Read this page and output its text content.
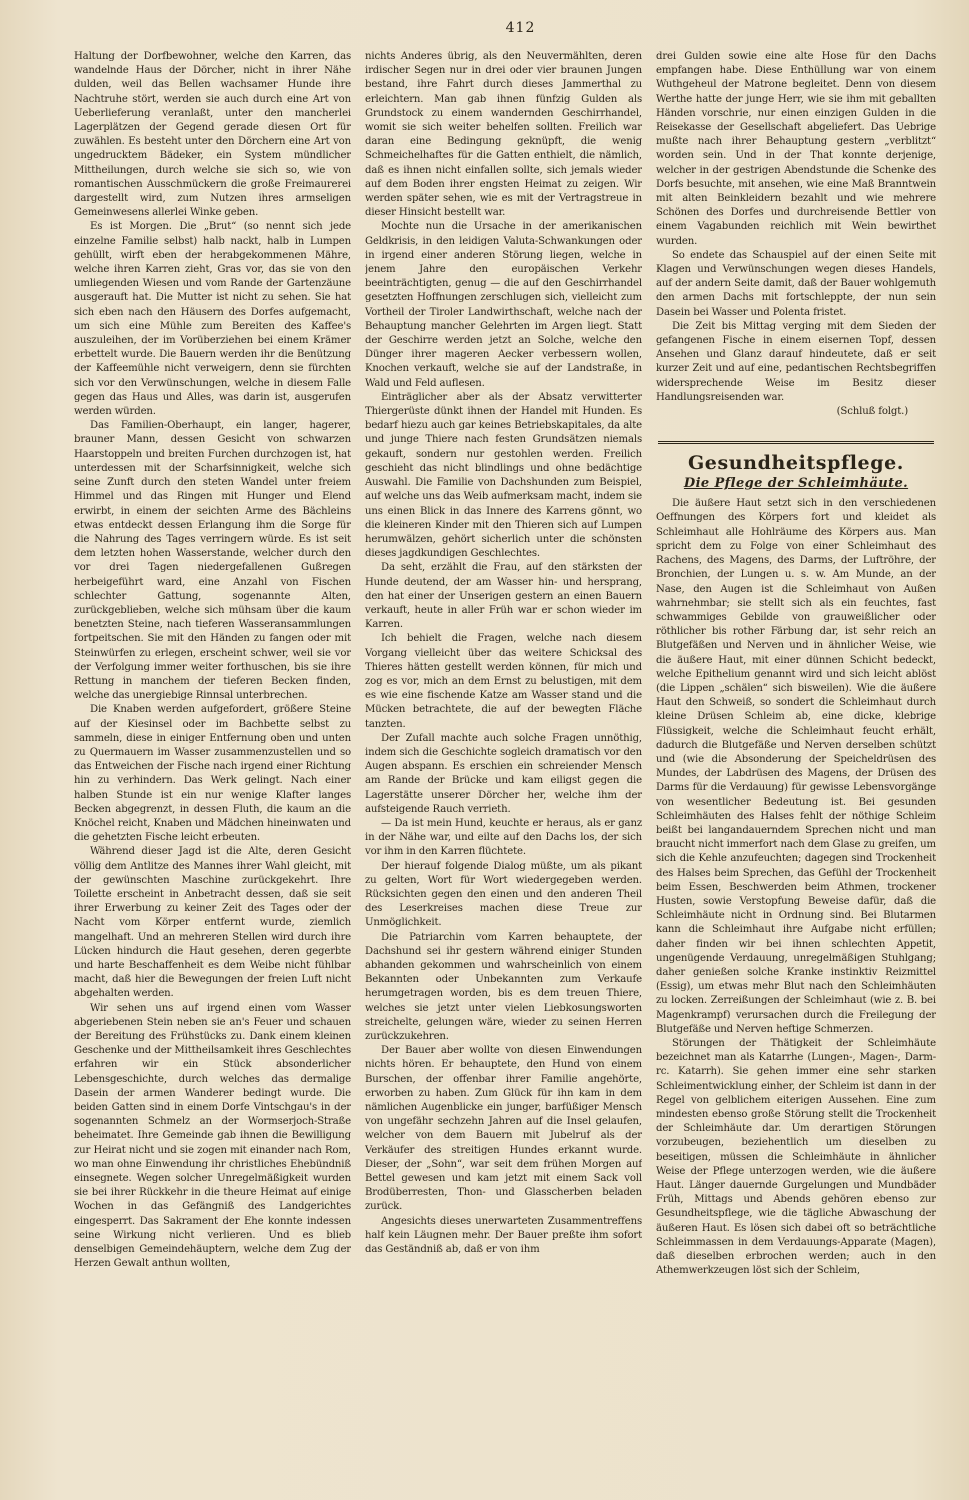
412

Haltung der Dorfbewohner, welche den Karren, das wandelnde Haus der Dörcher, nicht in ihrer Nähe dulden, weil das Bellen wachsamer Hunde ihre Nachtruhe stört, werden sie auch durch eine Art von Ueberlieferung veranlaßt, unter den mancherlei Lagerplätzen der Gegend gerade diesen Ort für zuwählen. Es besteht unter den Dörchern eine Art von ungedrucktem Bädeker, ein System mündlicher Mittheilungen, durch welche sie sich so, wie von romantischen Ausschmückern die große Freimaurerei dargestellt wird, zum Nutzen ihres armseligen Gemeinwesens allerlei Winke geben.

Es ist Morgen. Die „Brut“ (so nennt sich jede einzelne Familie selbst) halb nackt, halb in Lumpen gehüllt, wirft eben der herabgekommenen Mähre, welche ihren Karren zieht, Gras vor, das sie von den umliegenden Wiesen und vom Rande der Gartenzäune ausgerauft hat. Die Mutter ist nicht zu sehen. Sie hat sich eben nach den Häusern des Dorfes aufgemacht, um sich eine Mühle zum Bereiten des Kaffee's auszuleihen, der im Vorüberziehen bei einem Krämer erbettelt wurde. Die Bauern werden ihr die Benützung der Kaffeemühle nicht verweigern, denn sie fürchten sich vor den Verwünschungen, welche in diesem Falle gegen das Haus und Alles, was darin ist, ausgerufen werden würden.

Das Familien-Oberhaupt, ein langer, hagerer, brauner Mann, dessen Gesicht von schwarzen Haarstoppeln und breiten Furchen durchzogen ist, hat unterdessen mit der Scharfsinnigkeit, welche sich seine Zunft durch den steten Wandel unter freiem Himmel und das Ringen mit Hunger und Elend erwirbt, in einem der seichten Arme des Bächleins etwas entdeckt dessen Erlangung ihm die Sorge für die Nahrung des Tages verringern würde. Es ist seit dem letzten hohen Wasserstande, welcher durch den vor drei Tagen niedergefallenen Gußregen herbeigeführt ward, eine Anzahl von Fischen schlechter Gattung, sogenannte Alten, zurückgeblieben, welche sich mühsam über die kaum benetzten Steine, nach tieferen Wasseransammlungen fortpeitschen. Sie mit den Händen zu fangen oder mit Steinwürfen zu erlegen, erscheint schwer, weil sie vor der Verfolgung immer weiter forthuschen, bis sie ihre Rettung in manchem der tieferen Becken finden, welche das unergiebige Rinnsal unterbrechen.

Die Knaben werden aufgefordert, größere Steine auf der Kiesinsel oder im Bachbette selbst zu sammeln, diese in einiger Entfernung oben und unten zu Quermauern im Wasser zusammenzustellen und so das Entweichen der Fische nach irgend einer Richtung hin zu verhindern. Das Werk gelingt. Nach einer halben Stunde ist ein nur wenige Klafter langes Becken abgegrenzt, in dessen Fluth, die kaum an die Knöchel reicht, Knaben und Mädchen hineinwaten und die gehetzten Fische leicht erbeuten.

Während dieser Jagd ist die Alte, deren Gesicht völlig dem Antlitze des Mannes ihrer Wahl gleicht, mit der gewünschten Maschine zurückgekehrt. Ihre Toilette erscheint in Anbetracht dessen, daß sie seit ihrer Erwerbung zu keiner Zeit des Tages oder der Nacht vom Körper entfernt wurde, ziemlich mangelhaft. Und an mehreren Stellen wird durch ihre Lücken hindurch die Haut gesehen, deren gegerbte und harte Beschaffenheit es dem Weibe nicht fühlbar macht, daß hier die Bewegungen der freien Luft nicht abgehalten werden.

Wir sehen uns auf irgend einen vom Wasser abgeriebenen Stein neben sie an's Feuer und schauen der Bereitung des Frühstücks zu. Dank einem kleinen Geschenke und der Mittheilsamkeit ihres Geschlechtes erfahren wir ein Stück absonderlicher Lebensgeschichte, durch welches das dermalige Dasein der armen Wanderer bedingt wurde. Die beiden Gatten sind in einem Dorfe Vintschgau's in der sogenannten Schmelz an der Wormserjoch-Straße beheimatet. Ihre Gemeinde gab ihnen die Bewilligung zur Heirat nicht und sie zogen mit einander nach Rom, wo man ohne Einwendung ihr christliches Ehebündniß einsegnete. Wegen solcher Unregelmäßigkeit wurden sie bei ihrer Rückkehr in die theure Heimat auf einige Wochen in das Gefängniß des Landgerichtes eingesperrt. Das Sakrament der Ehe konnte indessen seine Wirkung nicht verlieren. Und es blieb denselbigen Gemeindehäuptern, welche dem Zug der Herzen Gewalt anthun wollten,

nichts Anderes übrig, als den Neuvermählten, deren irdischer Segen nur in drei oder vier braunen Jungen bestand, ihre Fahrt durch dieses Jammerthal zu erleichtern. Man gab ihnen fünfzig Gulden als Grundstock zu einem wandernden Geschirrhandel, womit sie sich weiter behelfen sollten. Freilich war daran eine Bedingung geknüpft, die wenig Schmeichelhaftes für die Gatten enthielt, die nämlich, daß es ihnen nicht einfallen sollte, sich jemals wieder auf dem Boden ihrer engsten Heimat zu zeigen. Wir werden später sehen, wie es mit der Vertragstreue in dieser Hinsicht bestellt war.

Mochte nun die Ursache in der amerikanischen Geldkrisis, in den leidigen Valuta-Schwankungen oder in irgend einer anderen Störung liegen, welche in jenem Jahre den europäischen Verkehr beeinträchtigten, genug — die auf den Geschirrhandel gesetzten Hoffnungen zerschlugen sich, vielleicht zum Vortheil der Tiroler Landwirthschaft, welche nach der Behauptung mancher Gelehrten im Argen liegt. Statt der Geschirre werden jetzt an Solche, welche den Dünger ihrer mageren Aecker verbessern wollen, Knochen verkauft, welche sie auf der Landstraße, in Wald und Feld auflesen.

Einträglicher aber als der Absatz verwitterter Thiergerüste dünkt ihnen der Handel mit Hunden. Es bedarf hiezu auch gar keines Betriebskapitales, da alte und junge Thiere nach festen Grundsätzen niemals gekauft, sondern nur gestohlen werden. Freilich geschieht das nicht blindlings und ohne bedächtige Auswahl. Die Familie von Dachshunden zum Beispiel, auf welche uns das Weib aufmerksam macht, indem sie uns einen Blick in das Innere des Karrens gönnt, wo die kleineren Kinder mit den Thieren sich auf Lumpen herumwälzen, gehört sicherlich unter die schönsten dieses jagdkundigen Geschlechtes.

Da seht, erzählt die Frau, auf den stärksten der Hunde deutend, der am Wasser hin- und hersprang, den hat einer der Unserigen gestern an einen Bauern verkauft, heute in aller Früh war er schon wieder im Karren.

Ich behielt die Fragen, welche nach diesem Vorgang vielleicht über das weitere Schicksal des Thieres hätten gestellt werden können, für mich und zog es vor, mich an dem Ernst zu belustigen, mit dem es wie eine fischende Katze am Wasser stand und die Mücken betrachtete, die auf der bewegten Fläche tanzten.

Der Zufall machte auch solche Fragen unnöthig, indem sich die Geschichte sogleich dramatisch vor den Augen abspann. Es erschien ein schreiender Mensch am Rande der Brücke und kam eiligst gegen die Lagerstätte unserer Dörcher her, welche ihm der aufsteigende Rauch verrieth.

— Da ist mein Hund, keuchte er heraus, als er ganz in der Nähe war, und eilte auf den Dachs los, der sich vor ihm in den Karren flüchtete.

Der hierauf folgende Dialog müßte, um als pikant zu gelten, Wort für Wort wiedergegeben werden. Rücksichten gegen den einen und den anderen Theil des Leserkreises machen diese Treue zur Unmöglichkeit.

Die Patriarchin vom Karren behauptete, der Dachshund sei ihr gestern während einiger Stunden abhanden gekommen und wahrscheinlich von einem Bekannten oder Unbekannten zum Verkaufe herumgetragen worden, bis es dem treuen Thiere, welches sie jetzt unter vielen Liebkosungsworten streichelte, gelungen wäre, wieder zu seinen Herren zurückzukehren.

Der Bauer aber wollte von diesen Einwendungen nichts hören. Er behauptete, den Hund von einem Burschen, der offenbar ihrer Familie angehörte, erworben zu haben. Zum Glück für ihn kam in dem nämlichen Augenblicke ein junger, barfüßiger Mensch von ungefähr sechzehn Jahren auf die Insel gelaufen, welcher von dem Bauern mit Jubelruf als der Verkäufer des streitigen Hundes erkannt wurde. Dieser, der „Sohn“, war seit dem frühen Morgen auf Bettel gewesen und kam jetzt mit einem Sack voll Brodüberresten, Thon- und Glasscherben beladen zurück.

Angesichts dieses unerwarteten Zusammentreffens half kein Läugnen mehr. Der Bauer preßte ihm sofort das Geständniß ab, daß er von ihm

drei Gulden sowie eine alte Hose für den Dachs empfangen habe. Diese Enthüllung war von einem Wuthgeheul der Matrone begleitet. Denn von diesem Werthe hatte der junge Herr, wie sie ihm mit geballten Händen vorschrie, nur einen einzigen Gulden in die Reisekasse der Gesellschaft abgeliefert. Das Uebrige mußte nach ihrer Behauptung gestern „verblitzt“ worden sein. Und in der That konnte derjenige, welcher in der gestrigen Abendstunde die Schenke des Dorfs besuchte, mit ansehen, wie eine Maß Branntwein mit alten Beinkleidern bezahlt und wie mehrere Schönen des Dorfes und durchreisende Bettler von einem Vagabunden reichlich mit Wein bewirthet wurden.

So endete das Schauspiel auf der einen Seite mit Klagen und Verwünschungen wegen dieses Handels, auf der andern Seite damit, daß der Bauer wohlgemuth den armen Dachs mit fortschleppte, der nun sein Dasein bei Wasser und Polenta fristet.

Die Zeit bis Mittag verging mit dem Sieden der gefangenen Fische in einem eisernen Topf, dessen Ansehen und Glanz darauf hindeutete, daß er seit kurzer Zeit und auf eine, pedantischen Rechtsbegriffen widersprechende Weise im Besitz dieser Handlungsreisenden war.

(Schluß folgt.)

Gesundheitspflege.
Die Pflege der Schleimhäute.

Die äußere Haut setzt sich in den verschiedenen Oeffnungen des Körpers fort und kleidet als Schleimhaut alle Hohlräume des Körpers aus. Man spricht dem zu Folge von einer Schleimhaut des Rachens, des Magens, des Darms, der Luftröhre, der Bronchien, der Lungen u. s. w. Am Munde, an der Nase, den Augen ist die Schleimhaut von Außen wahrnehmbar; sie stellt sich als ein feuchtes, fast schwammiges Gebilde von grauweißlicher oder röthlicher bis rother Färbung dar, ist sehr reich an Blutgefäßen und Nerven und in ähnlicher Weise, wie die äußere Haut, mit einer dünnen Schicht bedeckt, welche Epithelium genannt wird und sich leicht ablöst (die Lippen „schälen“ sich bisweilen). Wie die äußere Haut den Schweiß, so sondert die Schleimhaut durch kleine Drüsen Schleim ab, eine dicke, klebrige Flüssigkeit, welche die Schleimhaut feucht erhält, dadurch die Blutgefäße und Nerven derselben schützt und (wie die Absonderung der Speicheldrüsen des Mundes, der Labdrüsen des Magens, der Drüsen des Darms für die Verdauung) für gewisse Lebensvorgänge von wesentlicher Bedeutung ist. Bei gesunden Schleimhäuten des Halses fehlt der nöthige Schleim beißt bei langandauerndem Sprechen nicht und man braucht nicht immerfort nach dem Glase zu greifen, um sich die Kehle anzufeuchten; dagegen sind Trockenheit des Halses beim Sprechen, das Gefühl der Trockenheit beim Essen, Beschwerden beim Athmen, trockener Husten, sowie Verstopfung Beweise dafür, daß die Schleimhäute nicht in Ordnung sind. Bei Blutarmen kann die Schleimhaut ihre Aufgabe nicht erfüllen; daher finden wir bei ihnen schlechten Appetit, ungenügende Verdauung, unregelmäßigen Stuhlgang; daher genießen solche Kranke instinktiv Reizmittel (Essig), um etwas mehr Blut nach den Schleimhäuten zu locken. Zerreißungen der Schleimhaut (wie z. B. bei Magenkrampf) verursachen durch die Freilegung der Blutgefäße und Nerven heftige Schmerzen.

Störungen der Thätigkeit der Schleimhäute bezeichnet man als Katarrhe (Lungen-, Magen-, Darm- rc. Katarrh). Sie gehen immer eine sehr starken Schleimentwicklung einher, der Schleim ist dann in der Regel von gelblichem eiterigen Aussehen. Eine zum mindesten ebenso große Störung stellt die Trockenheit der Schleimhäute dar. Um derartigen Störungen vorzubeugen, beziehentlich um dieselben zu beseitigen, müssen die Schleimhäute in ähnlicher Weise der Pflege unterzogen werden, wie die äußere Haut. Länger dauernde Gurgelungen und Mundbäder Früh, Mittags und Abends gehören ebenso zur Gesundheitspflege, wie die tägliche Abwaschung der äußeren Haut. Es lösen sich dabei oft so beträchtliche Schleimmassen in dem Verdauungs-Apparate (Magen), daß dieselben erbrochen werden; auch in den Athemwerkzeugen löst sich der Schleim,
